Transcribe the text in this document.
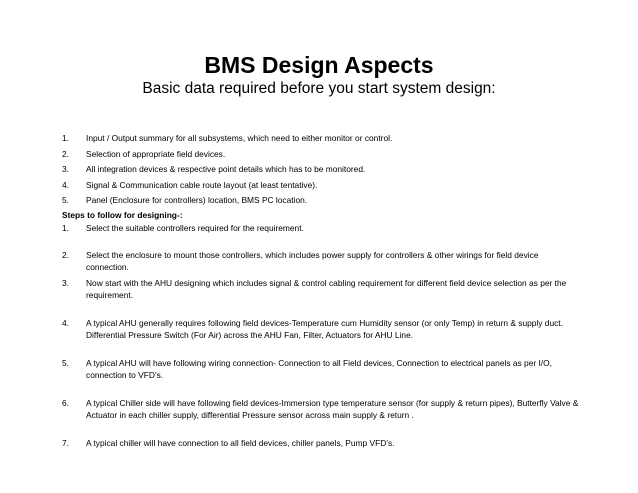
BMS Design Aspects
Basic data required before you start system design:
1. Input / Output summary for all subsystems, which need to either monitor or control.
2. Selection of appropriate field devices.
3. All integration devices & respective point details which has to be monitored.
4. Signal & Communication cable route layout (at least tentative).
5. Panel (Enclosure for controllers) location, BMS PC location.
Steps to follow for designing-:
1. Select the suitable controllers required for the requirement.
2. Select the enclosure to mount those controllers, which includes power supply for controllers & other wirings for field device connection.
3. Now start with the AHU designing which includes signal & control cabling requirement for different field device selection as per the requirement.
4. A typical AHU generally requires following field devices-Temperature cum Humidity sensor (or only Temp) in return & supply duct. Differential Pressure Switch (For Air) across the AHU Fan, Filter, Actuators for AHU Line.
5. A typical AHU will have following wiring connection- Connection to all Field devices, Connection to electrical panels as per I/O, connection to VFD’s.
6. A typical Chiller side will have following field devices-Immersion type temperature sensor (for supply & return pipes), Butterfly Valve & Actuator in each chiller supply, differential Pressure sensor across main supply & return .
7. A typical chiller will have connection to all field devices, chiller panels, Pump VFD’s.
